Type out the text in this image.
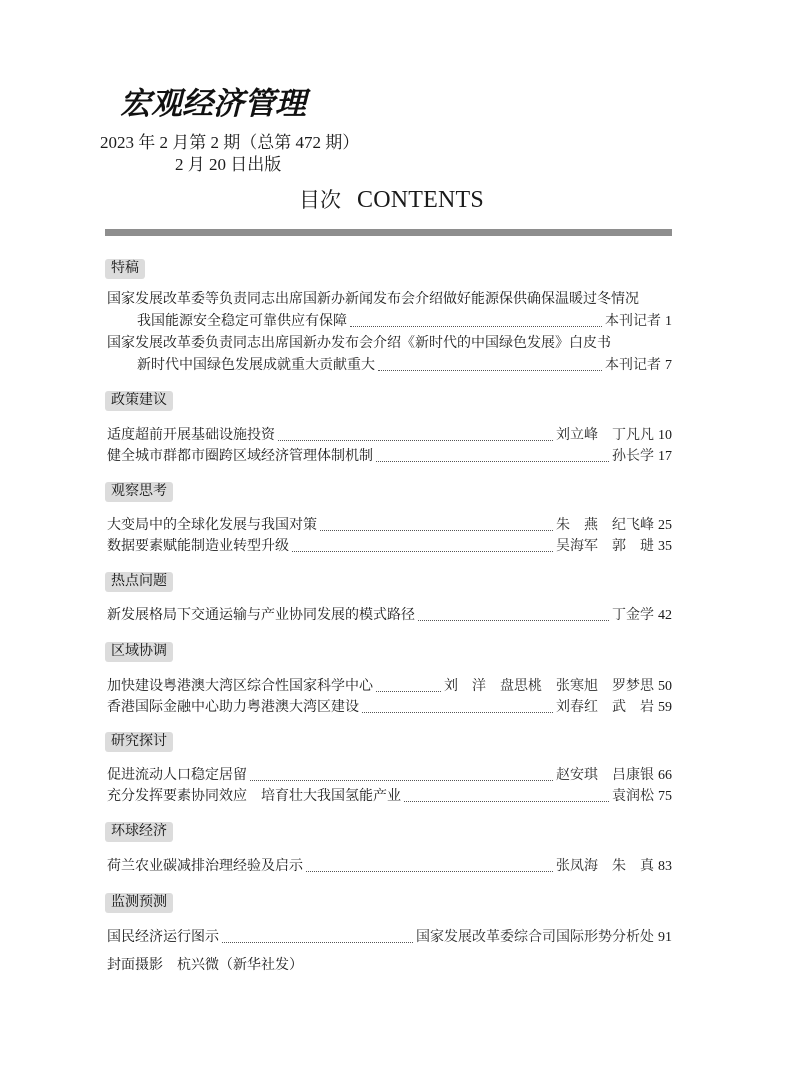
宏观经济管理
2023 年 2 月第 2 期（总第 472 期）
2 月 20 日出版
目次 CONTENTS
特稿
国家发展改革委等负责同志出席国新办新闻发布会介绍做好能源保供确保温暖过冬情况
我国能源安全稳定可靠供应有保障	本刊记者 1
国家发展改革委负责同志出席国新办发布会介绍《新时代的中国绿色发展》白皮书
新时代中国绿色发展成就重大贡献重大	本刊记者 7
政策建议
适度超前开展基础设施投资	刘立峰　丁凡凡 10
健全城市群都市圈跨区域经济管理体制机制	孙长学 17
观察思考
大变局中的全球化发展与我国对策	朱　燕　纪飞峰 25
数据要素赋能制造业转型升级	吴海军　郭　琎 35
热点问题
新发展格局下交通运输与产业协同发展的模式路径	丁金学 42
区域协调
加快建设粤港澳大湾区综合性国家科学中心	刘　洋　盘思桃　张寒旭　罗梦思 50
香港国际金融中心助力粤港澳大湾区建设	刘春红　武　岩 59
研究探讨
促进流动人口稳定居留	赵安琪　吕康银 66
充分发挥要素协同效应　培育壮大我国氢能产业	袁润松 75
环球经济
荷兰农业碳减排治理经验及启示	张凤海　朱　真 83
监测预测
国民经济运行图示	国家发展改革委综合司国际形势分析处 91
封面摄影　杭兴微（新华社发）
